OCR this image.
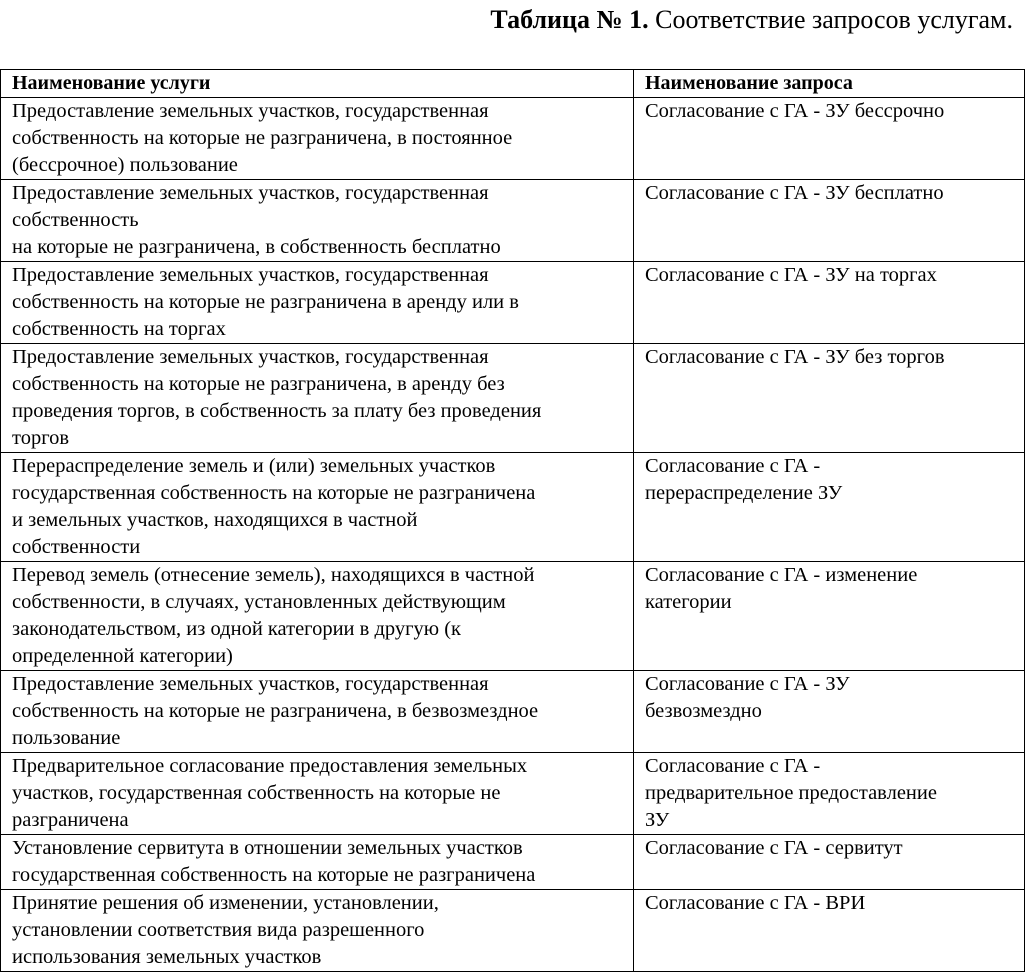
Таблица № 1. Соответствие запросов услугам.
Наименование услуги	Наименование запроса

Предоставление земельных участков, государственная
собственность на которые не разграничена, в постоянное
(бессрочное) пользование	Согласование с ГА - ЗУ бессрочно

Предоставление земельных участков, государственная
собственность
на которые не разграничена, в собственность бесплатно	Согласование с ГА - ЗУ бесплатно

Предоставление земельных участков, государственная
собственность на которые не разграничена в аренду или в
собственность на торгах	Согласование с ГА - ЗУ на торгах

Предоставление земельных участков, государственная
собственность на которые не разграничена, в аренду без
проведения торгов, в собственность за плату без проведения
торгов	Согласование с ГА - ЗУ без торгов

Перераспределение земель и (или) земельных участков
государственная собственность на которые не разграничена
и земельных участков, находящихся в частной
собственности	Согласование с ГА -
перераспределение ЗУ

Перевод земель (отнесение земель), находящихся в частной
собственности, в случаях, установленных действующим
законодательством, из одной категории в другую (к
определенной категории)	Согласование с ГА - изменение
категории

Предоставление земельных участков, государственная
собственность на которые не разграничена, в безвозмездное
пользование	Согласование с ГА - ЗУ
безвозмездно

Предварительное согласование предоставления земельных
участков, государственная собственность на которые не
разграничена	Согласование с ГА -
предварительное предоставление
ЗУ

Установление сервитута в отношении земельных участков
государственная собственность на которые не разграничена	Согласование с ГА - сервитут

Принятие решения об изменении, установлении,
установлении соответствия вида разрешенного
использования земельных участков	Согласование с ГА - ВРИ
